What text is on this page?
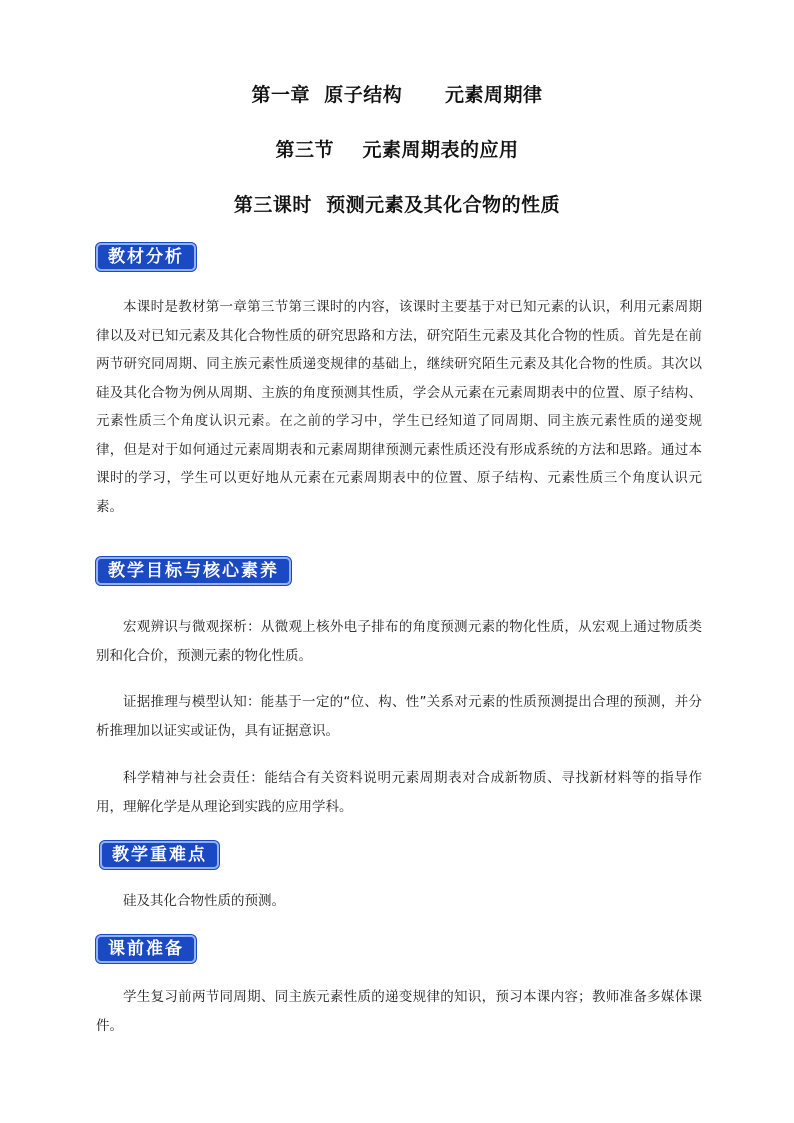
第一章  原子结构      元素周期律
第三节    元素周期表的应用
第三课时  预测元素及其化合物的性质
教材分析
本课时是教材第一章第三节第三课时的内容，该课时主要基于对已知元素的认识，利用元素周期律以及对已知元素及其化合物性质的研究思路和方法，研究陌生元素及其化合物的性质。首先是在前两节研究同周期、同主族元素性质递变规律的基础上，继续研究陌生元素及其化合物的性质。其次以硅及其化合物为例从周期、主族的角度预测其性质，学会从元素在元素周期表中的位置、原子结构、元素性质三个角度认识元素。在之前的学习中，学生已经知道了同周期、同主族元素性质的递变规律，但是对于如何通过元素周期表和元素周期律预测元素性质还没有形成系统的方法和思路。通过本课时的学习，学生可以更好地从元素在元素周期表中的位置、原子结构、元素性质三个角度认识元素。
教学目标与核心素养
宏观辨识与微观探析：从微观上核外电子排布的角度预测元素的物化性质，从宏观上通过物质类别和化合价，预测元素的物化性质。
证据推理与模型认知：能基于一定的“位、构、性”关系对元素的性质预测提出合理的预测，并分析推理加以证实或证伪，具有证据意识。
科学精神与社会责任：能结合有关资料说明元素周期表对合成新物质、寻找新材料等的指导作用，理解化学是从理论到实践的应用学科。
教学重难点
硅及其化合物性质的预测。
课前准备
学生复习前两节同周期、同主族元素性质的递变规律的知识，预习本课内容；教师准备多媒体课件。
